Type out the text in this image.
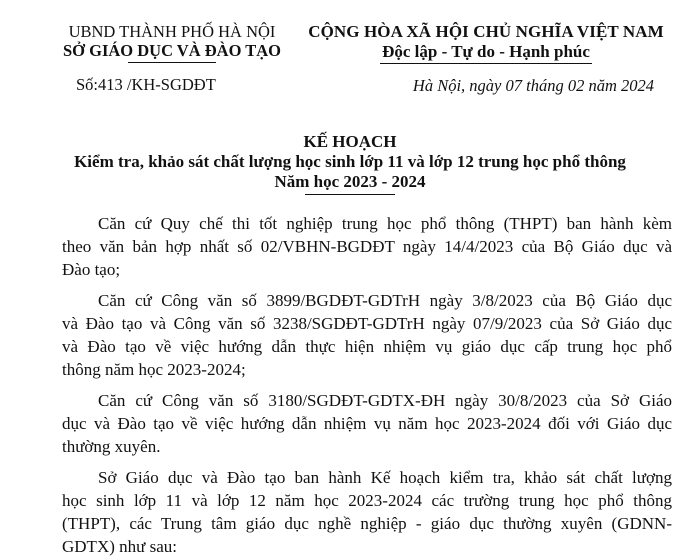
UBND THÀNH PHỐ HÀ NỘI
SỞ GIÁO DỤC VÀ ĐÀO TẠO
Số:413 /KH-SGDĐT
CỘNG HÒA XÃ HỘI CHỦ NGHĨA VIỆT NAM
Độc lập - Tự do - Hạnh phúc
Hà Nội, ngày 07 tháng 02 năm 2024
KẾ HOẠCH
Kiểm tra, khảo sát chất lượng học sinh lớp 11 và lớp 12 trung học phổ thông
Năm học 2023 - 2024
Căn cứ Quy chế thi tốt nghiệp trung học phổ thông (THPT) ban hành kèm
theo văn bản hợp nhất số 02/VBHN-BGDĐT ngày 14/4/2023 của Bộ Giáo dục và
Đào tạo;
Căn cứ Công văn số 3899/BGDĐT-GDTrH ngày 3/8/2023 của Bộ Giáo dục
và Đào tạo và Công văn số 3238/SGDĐT-GDTrH ngày 07/9/2023 của Sở Giáo dục
và Đào tạo về việc hướng dẫn thực hiện nhiệm vụ giáo dục cấp trung học phổ
thông năm học 2023-2024;
Căn cứ Công văn số 3180/SGDĐT-GDTX-ĐH ngày 30/8/2023 của Sở Giáo
dục và Đào tạo về việc hướng dẫn nhiệm vụ năm học 2023-2024 đối với Giáo dục
thường xuyên.
Sở Giáo dục và Đào tạo ban hành Kế hoạch kiểm tra, khảo sát chất lượng
học sinh lớp 11 và lớp 12 năm học 2023-2024 các trường trung học phổ thông
(THPT), các Trung tâm giáo dục nghề nghiệp - giáo dục thường xuyên (GDNN-
GDTX) như sau:
